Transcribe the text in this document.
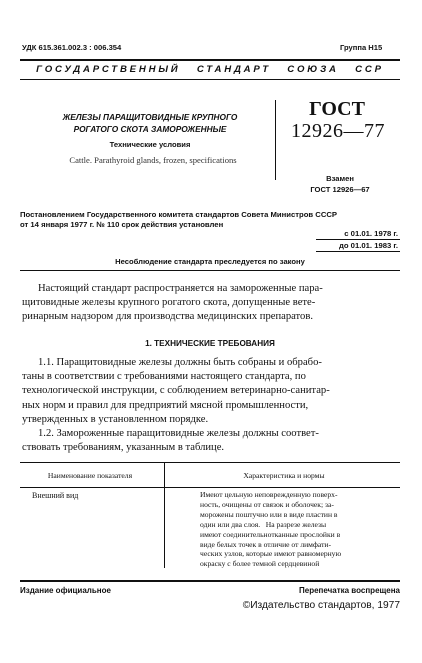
УДК 615.361.002.3 : 006.354	Группа Н15
ГОСУДАРСТВЕННЫЙ   СТАНДАРТ   СОЮЗА   ССР
ЖЕЛЕЗЫ ПАРАЩИТОВИДНЫЕ КРУПНОГО
РОГАТОГО СКОТА ЗАМОРОЖЕННЫЕ
Технические условия
Cattle. Parathyroid glands, frozen, specifications
ГОСТ
12926—77
Взамен
ГОСТ 12926—67
Постановлением Государственного комитета стандартов Совета Министров СССР
от 14 января 1977 г. № 110 срок действия установлен
с 01.01. 1978 г.
до 01.01. 1983 г.
Несоблюдение стандарта преследуется по закону
Настоящий стандарт распространяется на замороженные пара-
щитовидные железы крупного рогатого скота, допущенные вете-
ринарным надзором для производства медицинских препаратов.
1. ТЕХНИЧЕСКИЕ ТРЕБОВАНИЯ
1.1. Паращитовидные железы должны быть собраны и обрабо-
таны в соответствии с требованиями настоящего стандарта, по
технологической инструкции, с соблюдением ветеринарно-санитар-
ных норм и правил для предприятий мясной промышленности,
утвержденных в установленном порядке.
1.2. Замороженные паращитовидные железы должны соответ-
ствовать требованиям, указанным в таблице.
Наименование показателя	Характеристика и нормы
Внешний вид	Имеют цельную неповрежденную поверх-
ность, очищены от связок и оболочек; за-
морожены поштучно или в виде пластин в
один или два слоя.   На разрезе железы
имеют соединительнотканные прослойки в
виде белых точек в отличие от лимфати-
ческих узлов, которые имеют равномерную
окраску с более темной сердцевиной
Издание официальное	Перепечатка воспрещена
©Издательство стандартов, 1977
